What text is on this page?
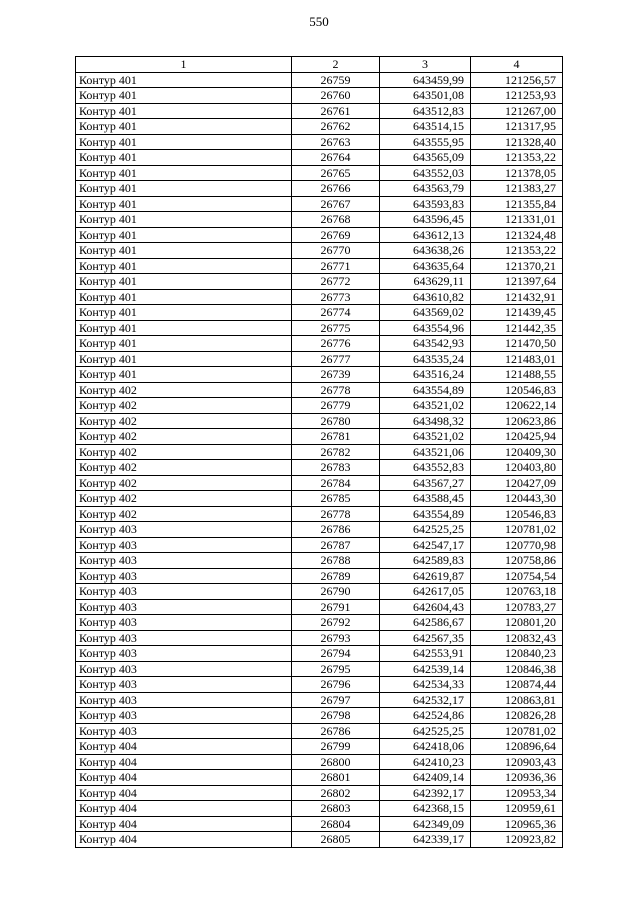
550
1	2	3	4
Контур 401	26759	643459,99	121256,57
Контур 401	26760	643501,08	121253,93
Контур 401	26761	643512,83	121267,00
Контур 401	26762	643514,15	121317,95
Контур 401	26763	643555,95	121328,40
Контур 401	26764	643565,09	121353,22
Контур 401	26765	643552,03	121378,05
Контур 401	26766	643563,79	121383,27
Контур 401	26767	643593,83	121355,84
Контур 401	26768	643596,45	121331,01
Контур 401	26769	643612,13	121324,48
Контур 401	26770	643638,26	121353,22
Контур 401	26771	643635,64	121370,21
Контур 401	26772	643629,11	121397,64
Контур 401	26773	643610,82	121432,91
Контур 401	26774	643569,02	121439,45
Контур 401	26775	643554,96	121442,35
Контур 401	26776	643542,93	121470,50
Контур 401	26777	643535,24	121483,01
Контур 401	26739	643516,24	121488,55
Контур 402	26778	643554,89	120546,83
Контур 402	26779	643521,02	120622,14
Контур 402	26780	643498,32	120623,86
Контур 402	26781	643521,02	120425,94
Контур 402	26782	643521,06	120409,30
Контур 402	26783	643552,83	120403,80
Контур 402	26784	643567,27	120427,09
Контур 402	26785	643588,45	120443,30
Контур 402	26778	643554,89	120546,83
Контур 403	26786	642525,25	120781,02
Контур 403	26787	642547,17	120770,98
Контур 403	26788	642589,83	120758,86
Контур 403	26789	642619,87	120754,54
Контур 403	26790	642617,05	120763,18
Контур 403	26791	642604,43	120783,27
Контур 403	26792	642586,67	120801,20
Контур 403	26793	642567,35	120832,43
Контур 403	26794	642553,91	120840,23
Контур 403	26795	642539,14	120846,38
Контур 403	26796	642534,33	120874,44
Контур 403	26797	642532,17	120863,81
Контур 403	26798	642524,86	120826,28
Контур 403	26786	642525,25	120781,02
Контур 404	26799	642418,06	120896,64
Контур 404	26800	642410,23	120903,43
Контур 404	26801	642409,14	120936,36
Контур 404	26802	642392,17	120953,34
Контур 404	26803	642368,15	120959,61
Контур 404	26804	642349,09	120965,36
Контур 404	26805	642339,17	120923,82
